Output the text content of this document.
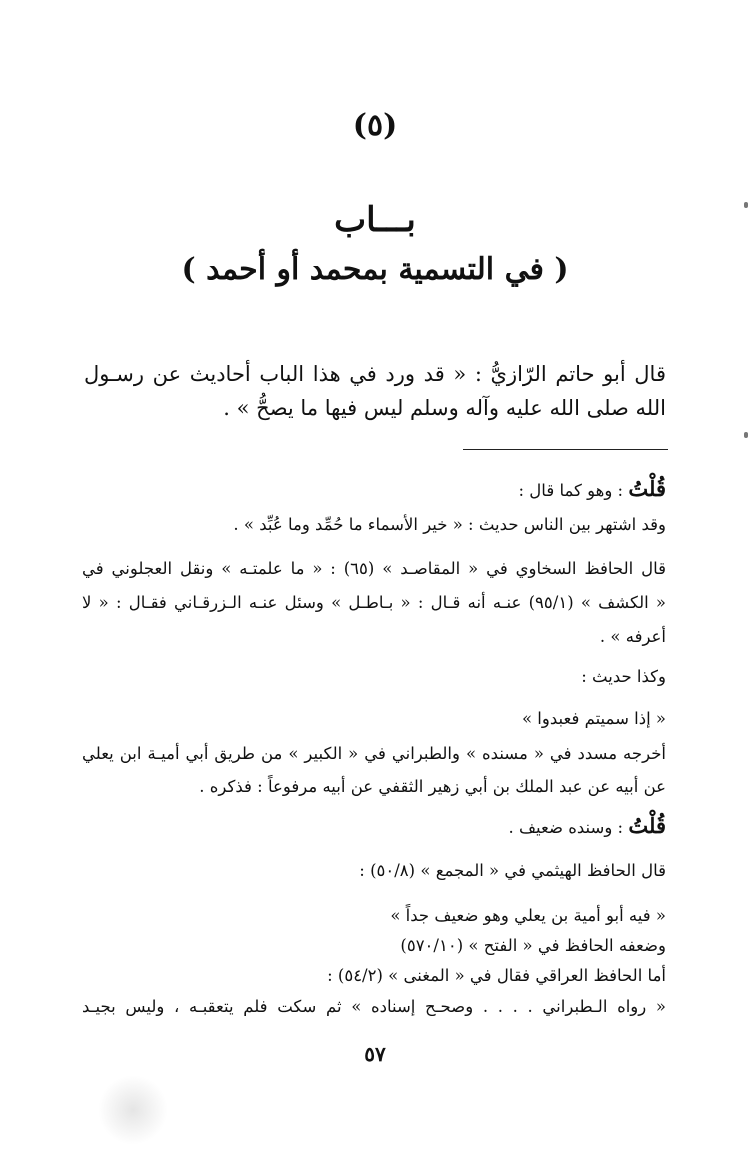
(٥)
بـــاب
( في التسمية بمحمد أو أحمد )
قال أبو حاتم الرّازيُّ : « قد ورد في هذا الباب أحاديث عن رسـول
الله صلى الله عليه وآله وسلم ليس فيها ما يصحُّ » .
قُلْتُ : وهو كما قال :
وقد اشتهر بين الناس حديث : « خير الأسماء ما حُمِّد وما عُبِّد » .
قال الحافظ السخاوي في « المقاصـد » (٦٥) : « ما علمتـه » ونقل العجلوني في
« الكشف » (٩٥/١) عنـه أنه قـال : « بـاطـل » وسئل عنـه الـزرقـاني فقـال : « لا
أعرفه » .
وكذا حديث :
« إذا سميتم فعبدوا »
أخرجه مسدد في « مسنده » والطبراني في « الكبير » من طريق أبي أميـة ابن يعلي
عن أبيه عن عبد الملك بن أبي زهير الثقفي عن أبيه مرفوعاً : فذكره .
قُلْتُ : وسنده ضعيف .
قال الحافظ الهيثمي في « المجمع » (٥٠/٨) :
« فيه أبو أمية بن يعلي وهو ضعيف جداً »
وضعفه الحافظ في « الفتح » (٥٧٠/١٠)
أما الحافظ العراقي فقال في « المغنى » (٥٤/٢) :
« رواه الـطبراني . . . . وصحـح إسناده » ثم سكت فلم يتعقبـه ، وليس بجيـد
٥٧
